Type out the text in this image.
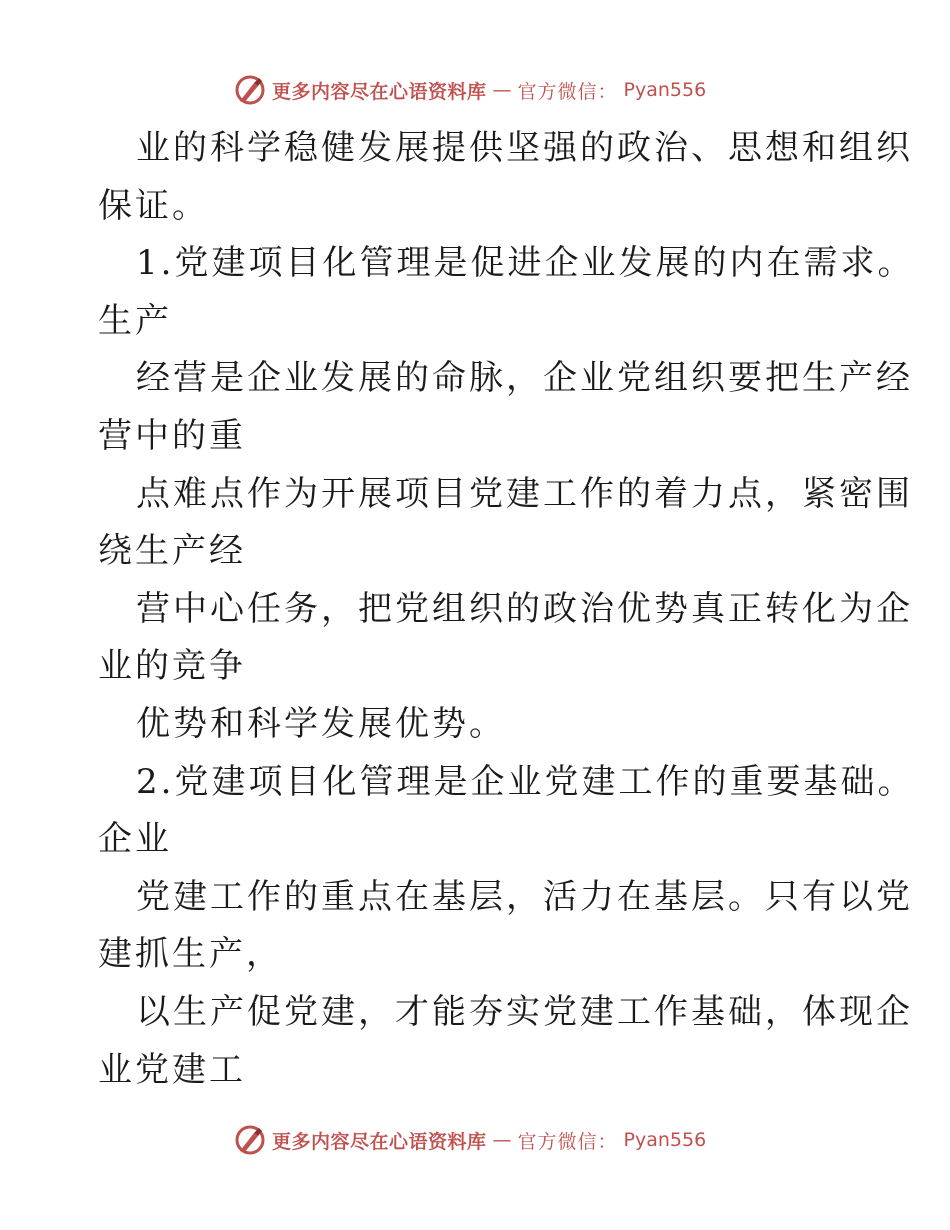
更多内容尽在心语资料库 — 官方微信： Pyan556
业的科学稳健发展提供坚强的政治、思想和组织
保证。
1.党建项目化管理是促进企业发展的内在需求。
生产
经营是企业发展的命脉，企业党组织要把生产经
营中的重
点难点作为开展项目党建工作的着力点，紧密围
绕生产经
营中心任务，把党组织的政治优势真正转化为企
业的竞争
优势和科学发展优势。
2.党建项目化管理是企业党建工作的重要基础。
企业
党建工作的重点在基层，活力在基层。只有以党
建抓生产，
以生产促党建，才能夯实党建工作基础，体现企
业党建工
更多内容尽在心语资料库 — 官方微信： Pyan556
